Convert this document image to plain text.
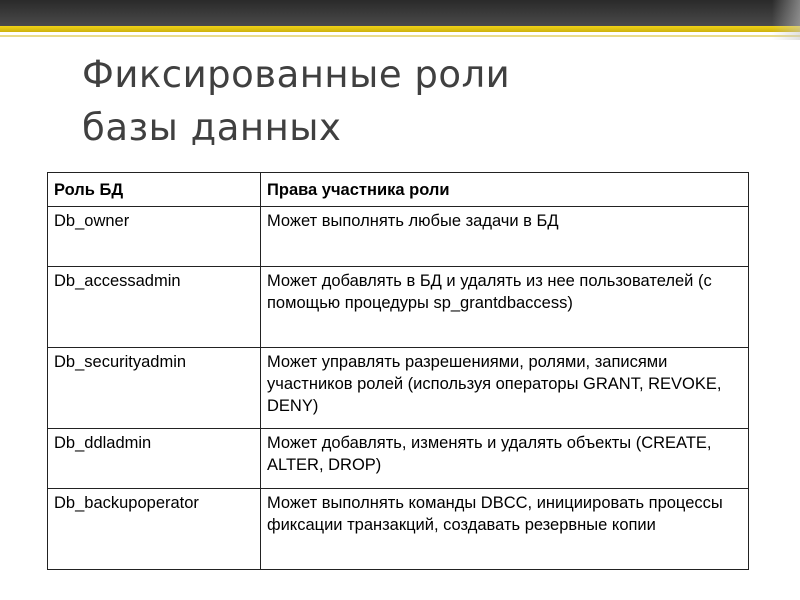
Фиксированные роли
базы данных
Роль БД	Права участника роли
Db_owner	Может выполнять любые задачи в БД
Db_accessadmin	Может добавлять в БД и удалять из нее пользователей (с помощью процедуры sp_grantdbaccess)
Db_securityadmin	Может управлять разрешениями, ролями, записями участников ролей (используя операторы GRANT, REVOKE, DENY)
Db_ddladmin	Может добавлять, изменять и удалять объекты (CREATE, ALTER, DROP)
Db_backupoperator	Может выполнять команды DBCC, инициировать процессы фиксации транзакций, создавать резервные копии
